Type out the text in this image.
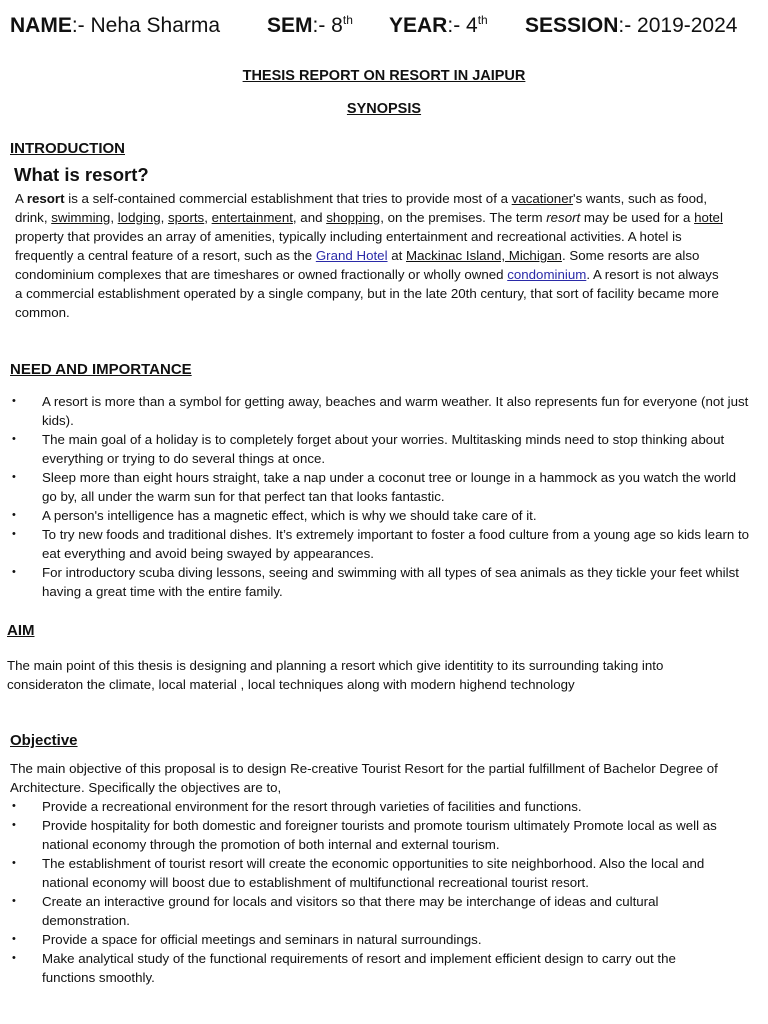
NAME:- Neha Sharma SEM:- 8th YEAR:- 4th SESSION:- 2019-2024
THESIS REPORT ON RESORT IN JAIPUR
SYNOPSIS
INTRODUCTION
What is resort?

A resort is a self-contained commercial establishment that tries to provide most of a vacationer's wants, such as food, drink, swimming, lodging, sports, entertainment, and shopping, on the premises. The term resort may be used for a hotel property that provides an array of amenities, typically including entertainment and recreational activities. A hotel is frequently a central feature of a resort, such as the Grand Hotel at Mackinac Island, Michigan. Some resorts are also condominium complexes that are timeshares or owned fractionally or wholly owned condominium. A resort is not always a commercial establishment operated by a single company, but in the late 20th century, that sort of facility became more common.

NEED AND IMPORTANCE
• A resort is more than a symbol for getting away, beaches and warm weather. It also represents fun for everyone (not just kids).
• The main goal of a holiday is to completely forget about your worries. Multitasking minds need to stop thinking about everything or trying to do several things at once.
• Sleep more than eight hours straight, take a nap under a coconut tree or lounge in a hammock as you watch the world go by, all under the warm sun for that perfect tan that looks fantastic.
• A person's intelligence has a magnetic effect, which is why we should take care of it.
• To try new foods and traditional dishes. It’s extremely important to foster a food culture from a young age so kids learn to eat everything and avoid being swayed by appearances.
• For introductory scuba diving lessons, seeing and swimming with all types of sea animals as they tickle your feet whilst having a great time with the entire family.
AIM

The main point of this thesis is designing and planning a resort which give identitity to its surrounding taking into consideraton the climate, local material , local techniques along with modern highend technology

Objective

The main objective of this proposal is to design Re-creative Tourist Resort for the partial fulfillment of Bachelor Degree of Architecture. Specifically the objectives are to,

• Provide a recreational environment for the resort through varieties of facilities and functions.
• Provide hospitality for both domestic and foreigner tourists and promote tourism ultimately Promote local as well as national economy through the promotion of both internal and external tourism.
• The establishment of tourist resort will create the economic opportunities to site neighborhood. Also the local and national economy will boost due to establishment of multifunctional recreational tourist resort.
• Create an interactive ground for locals and visitors so that there may be interchange of ideas and cultural demonstration.
• Provide a space for official meetings and seminars in natural surroundings.
• Make analytical study of the functional requirements of resort and implement efficient design to carry out the functions smoothly.
